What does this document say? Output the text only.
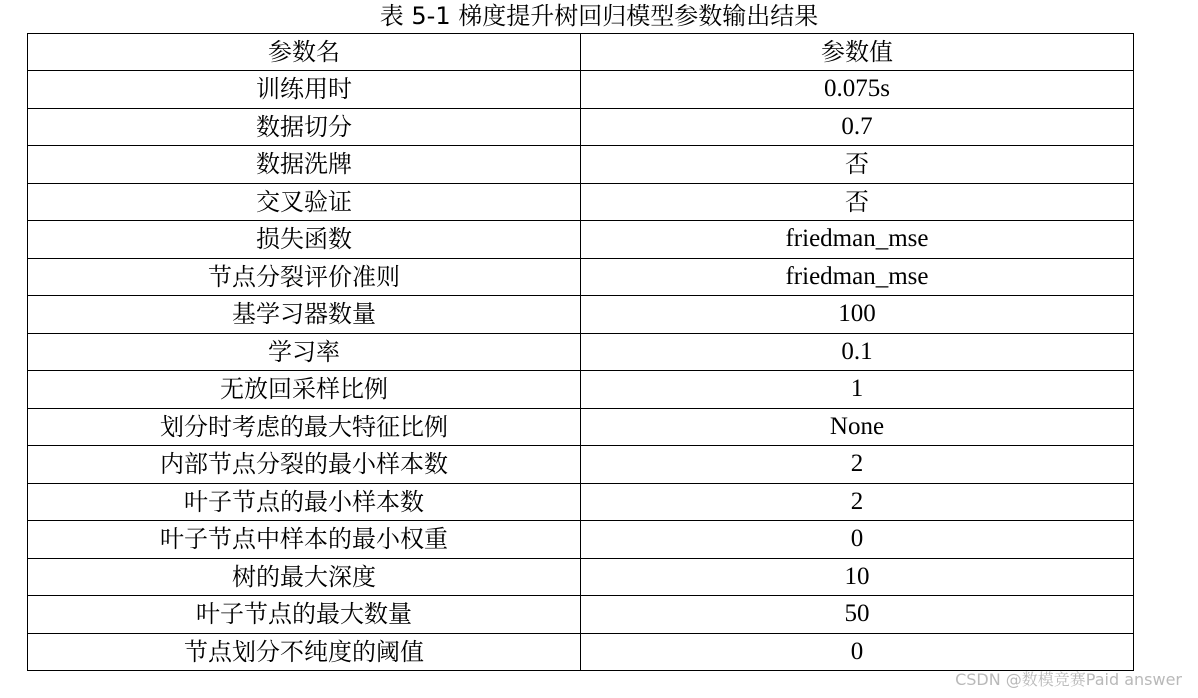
表 5-1 梯度提升树回归模型参数输出结果
参数名	参数值
训练用时	0.075s
数据切分	0.7
数据洗牌	否
交叉验证	否
损失函数	friedman_mse
节点分裂评价准则	friedman_mse
基学习器数量	100
学习率	0.1
无放回采样比例	1
划分时考虑的最大特征比例	None
内部节点分裂的最小样本数	2
叶子节点的最小样本数	2
叶子节点中样本的最小权重	0
树的最大深度	10
叶子节点的最大数量	50
节点划分不纯度的阈值	0
CSDN @数模竞赛Paid answer
